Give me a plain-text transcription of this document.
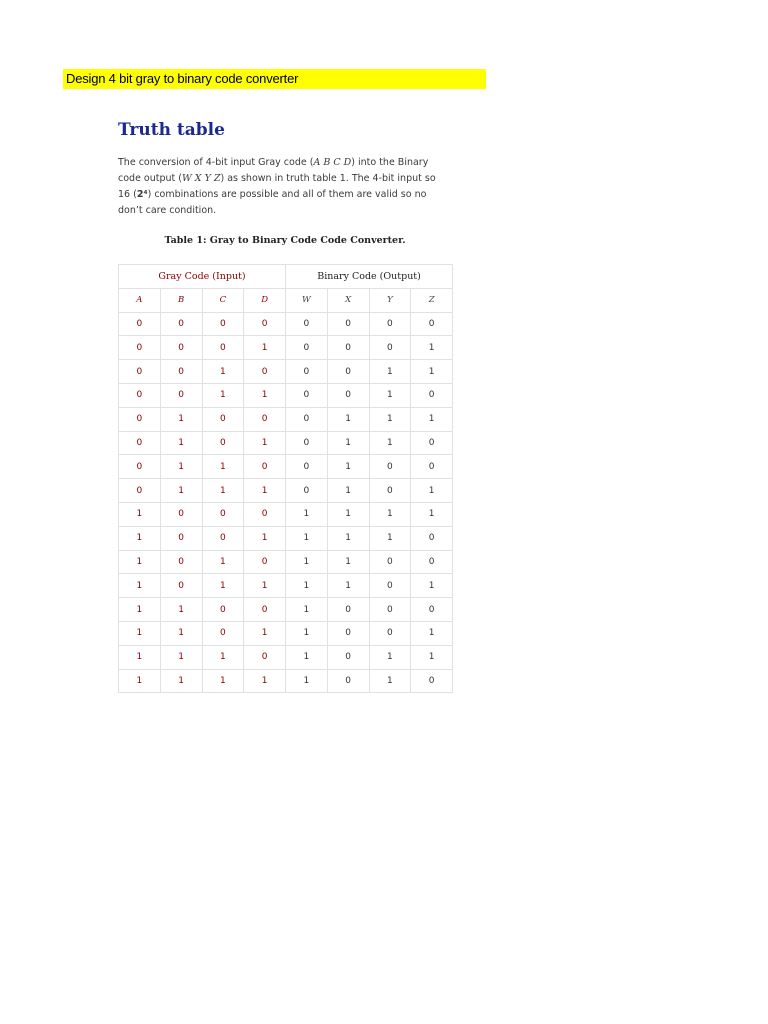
Design 4 bit gray to binary code converter
Truth table

The conversion of 4-bit input Gray code (A B C D) into the Binary code output (W X Y Z) as shown in truth table 1. The 4-bit input so 16 (2⁴) combinations are possible and all of them are valid so no don’t care condition.

Table 1: Gray to Binary Code Code Converter.
Gray Code (Input)				Binary Code (Output)			
A	B	C	D	W	X	Y	Z
0	0	0	0	0	0	0	0
0	0	0	1	0	0	0	1
0	0	1	0	0	0	1	1
0	0	1	1	0	0	1	0
0	1	0	0	0	1	1	1
0	1	0	1	0	1	1	0
0	1	1	0	0	1	0	0
0	1	1	1	0	1	0	1
1	0	0	0	1	1	1	1
1	0	0	1	1	1	1	0
1	0	1	0	1	1	0	0
1	0	1	1	1	1	0	1
1	1	0	0	1	0	0	0
1	1	0	1	1	0	0	1
1	1	1	0	1	0	1	1
1	1	1	1	1	0	1	0
